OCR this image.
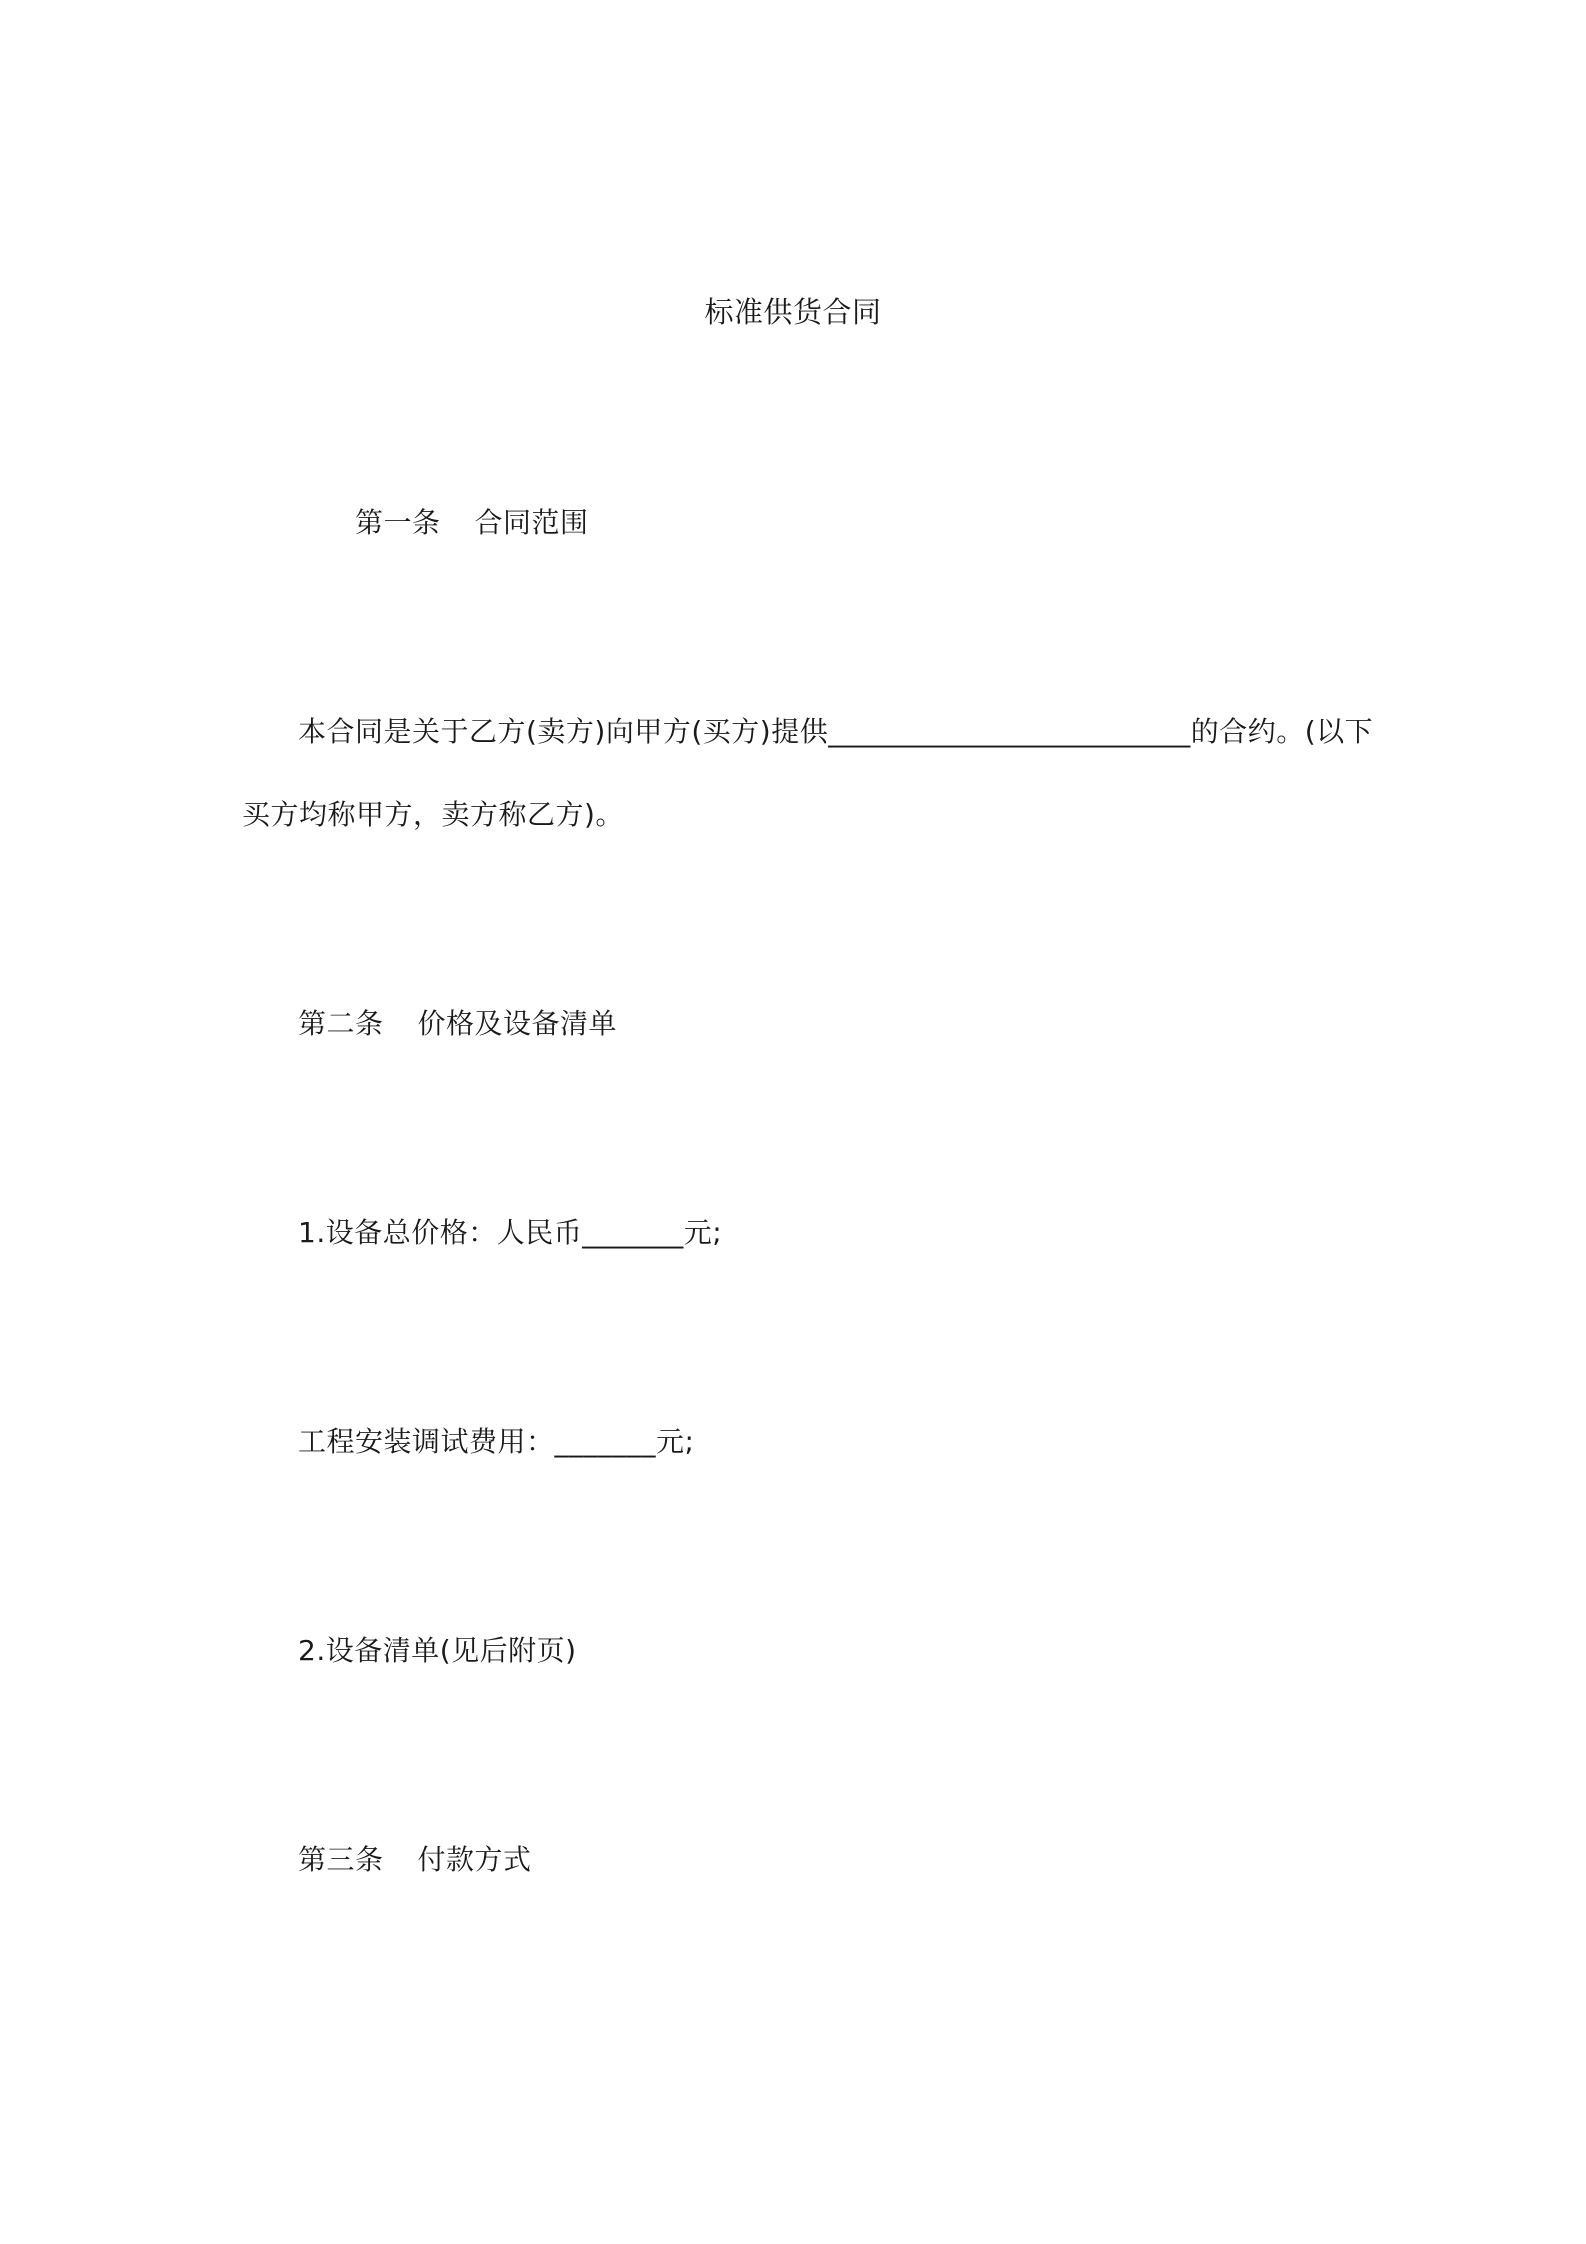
标准供货合同
第一条 合同范围
本合同是关于乙方(卖方)向甲方(买方)提供_________________________的合约。(以下
买方均称甲方，卖方称乙方)。
第二条 价格及设备清单
1.设备总价格：人民币_______元;
工程安装调试费用：_______元;
2.设备清单(见后附页)
第三条 付款方式
